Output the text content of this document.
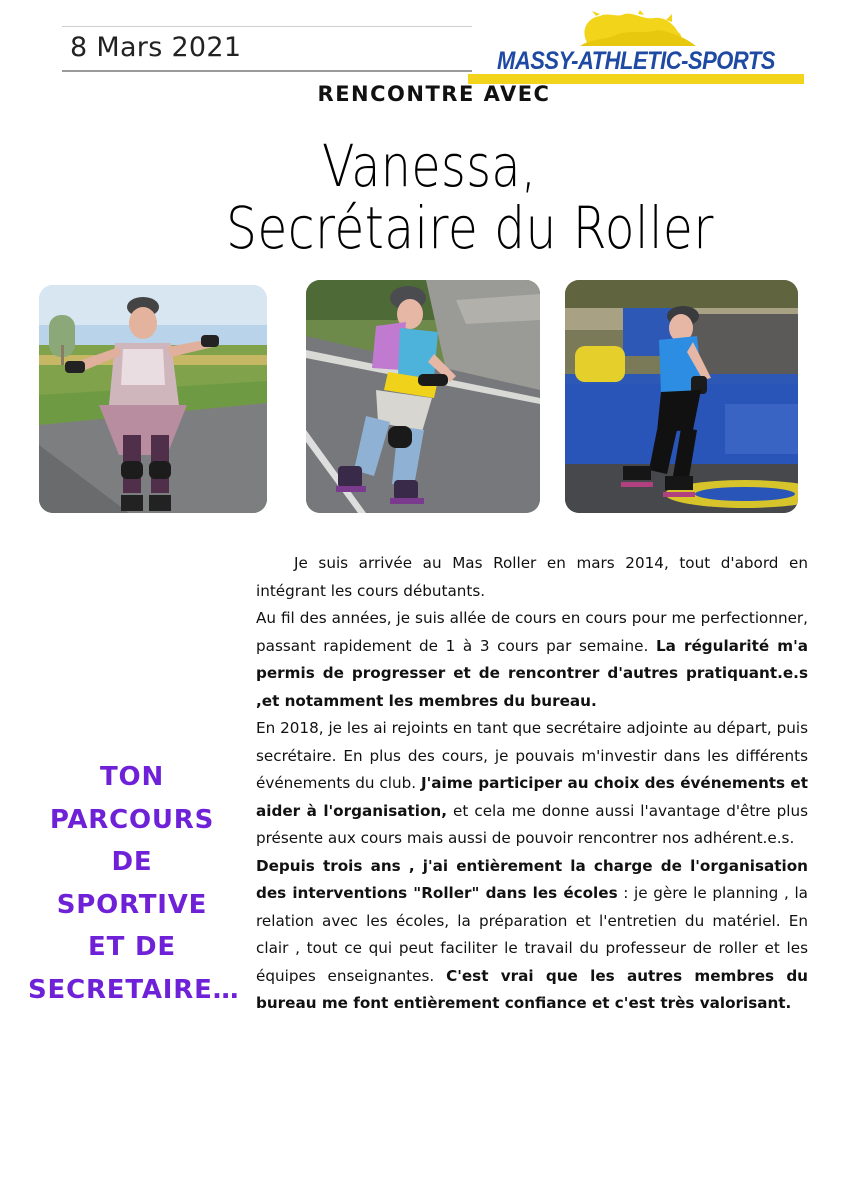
8 Mars 2021	MASSY-ATHLETIC-SPORTS
RENCONTRE AVEC
Vanessa,
Secrétaire du Roller
TON
PARCOURS
DE
SPORTIVE
ET DE
SECRETAIRE…

Je suis arrivée au Mas Roller en mars 2014, tout d'abord en intégrant les cours débutants.

Au fil des années, je suis allée de cours en cours pour me perfectionner, passant rapidement de 1 à 3 cours par semaine. La régularité m'a permis de progresser et de rencontrer d'autres pratiquant.e.s ,et notamment les membres du bureau.

En 2018, je les ai rejoints en tant que secrétaire adjointe au départ, puis secrétaire. En plus des cours, je pouvais m'investir dans les différents événements du club. J'aime participer au choix des événements et aider à l'organisation, et cela me donne aussi l'avantage d'être plus présente aux cours mais aussi de pouvoir rencontrer nos adhérent.e.s.

Depuis trois ans , j'ai entièrement la charge de l'organisation des interventions "Roller" dans les écoles : je gère le planning , la relation avec les écoles, la préparation et l'entretien du matériel. En clair , tout ce qui peut faciliter le travail du professeur de roller et les équipes enseignantes. C'est vrai que les autres membres du bureau me font entièrement confiance et c'est très valorisant.
